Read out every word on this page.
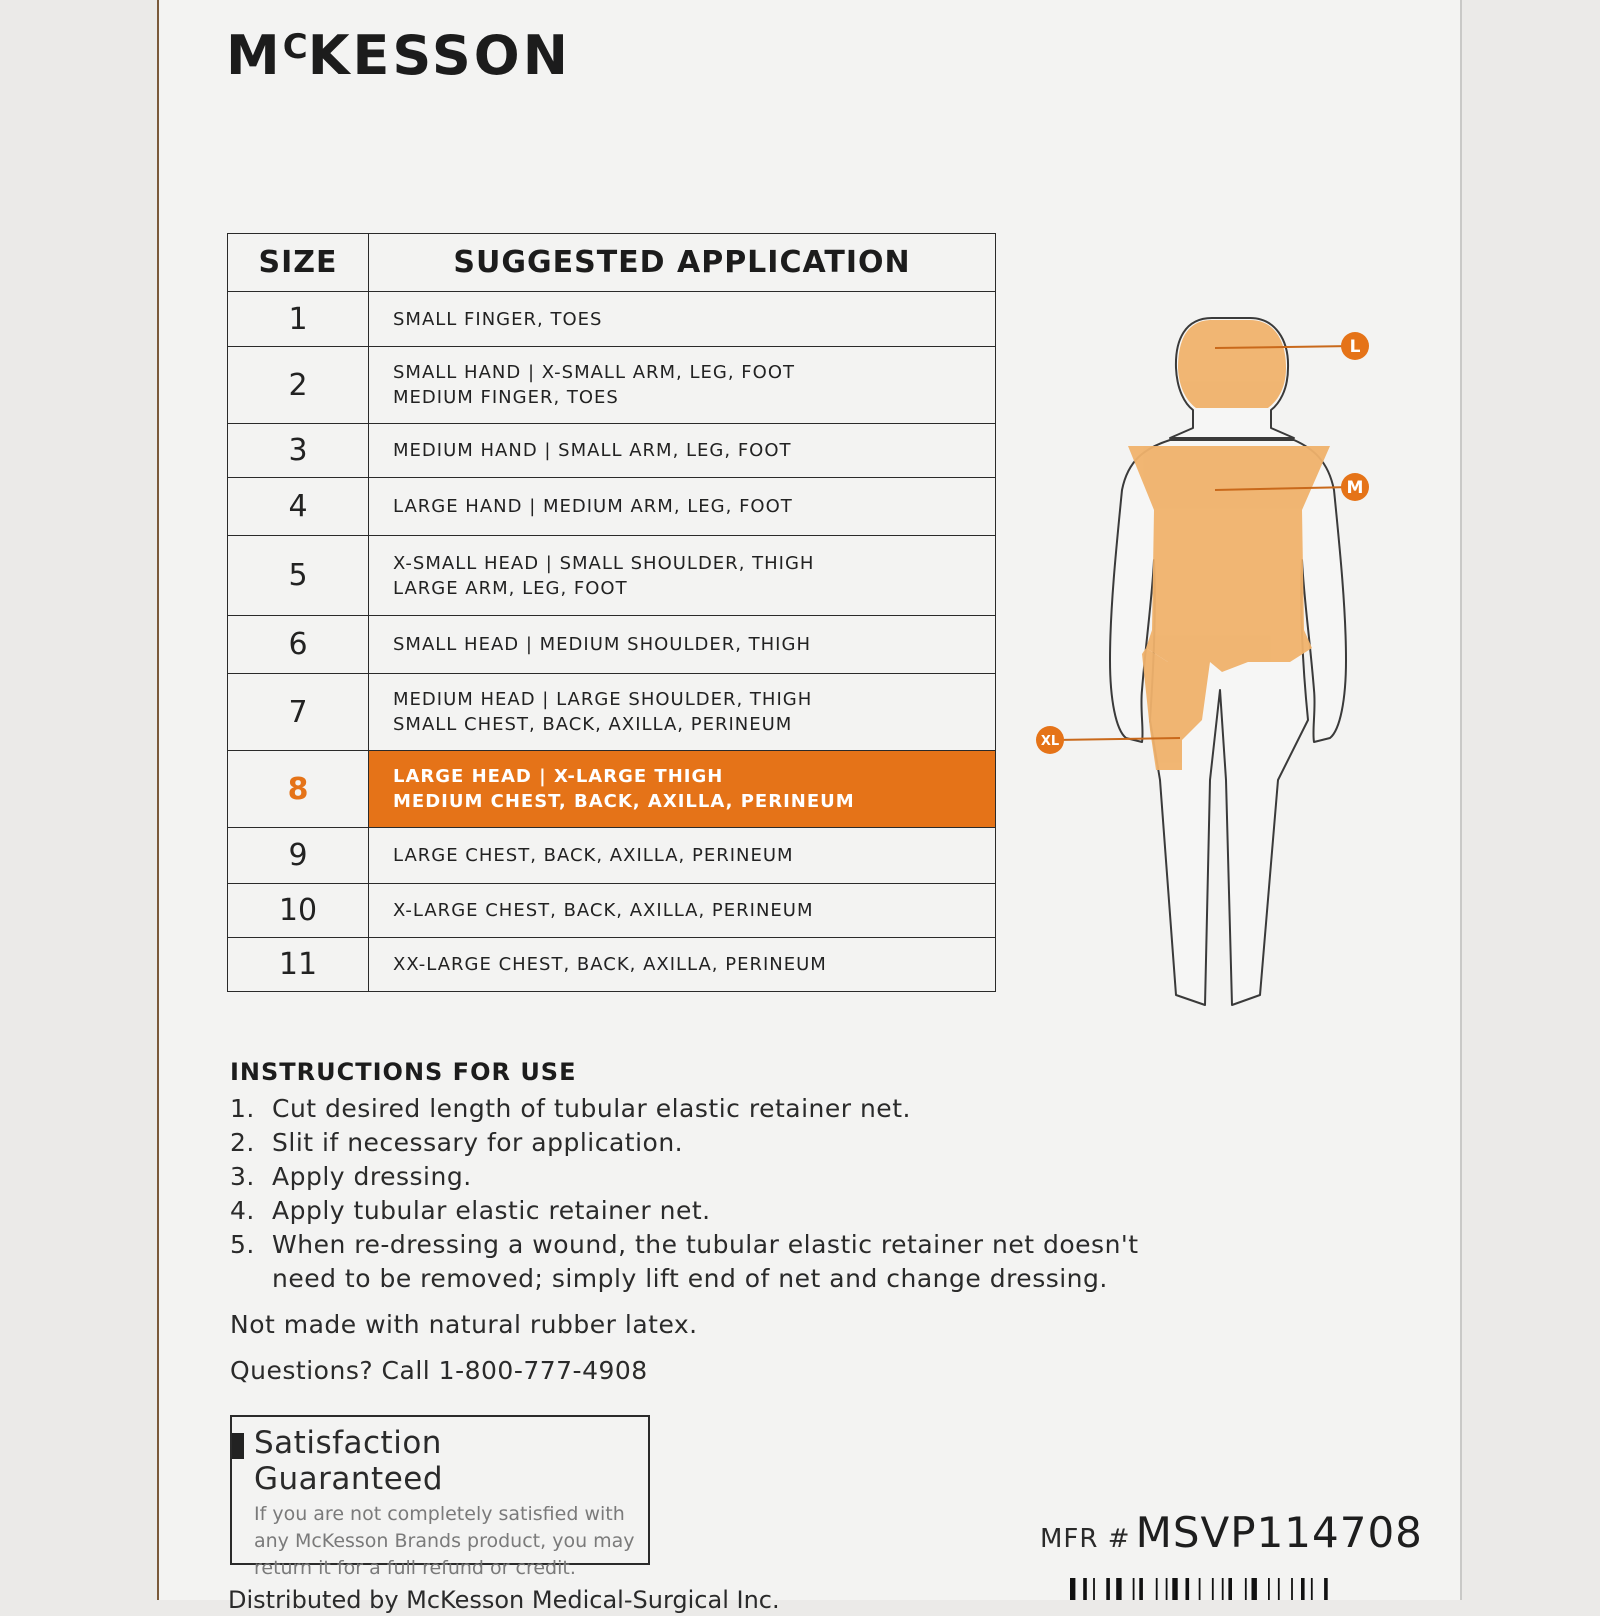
$M^CKESSON$
SIZE	SUGGESTED APPLICATION
1	SMALL FINGER, TOES

2	SMALL HAND | X-SMALL ARM, LEG, FOOT
MEDIUM FINGER, TOES

3	MEDIUM HAND | SMALL ARM, LEG, FOOT

4	LARGE HAND | MEDIUM ARM, LEG, FOOT

5	X-SMALL HEAD | SMALL SHOULDER, THIGH
LARGE ARM, LEG, FOOT

6	SMALL HEAD | MEDIUM SHOULDER, THIGH

7	MEDIUM HEAD | LARGE SHOULDER, THIGH
SMALL CHEST, BACK, AXILLA, PERINEUM

8	LARGE HEAD | X-LARGE THIGH
MEDIUM CHEST, BACK, AXILLA, PERINEUM

9	LARGE CHEST, BACK, AXILLA, PERINEUM

10	X-LARGE CHEST, BACK, AXILLA, PERINEUM

11	XX-LARGE CHEST, BACK, AXILLA, PERINEUM
L
M
XL
INSTRUCTIONS FOR USE
1. Cut desired length of tubular elastic retainer net.
2. Slit if necessary for application.
3. Apply dressing.
4. Apply tubular elastic retainer net.
5. When re-dressing a wound, the tubular elastic retainer net doesn't
need to be removed; simply lift end of net and change dressing.
Not made with natural rubber latex.
Questions? Call 1-800-777-4908
Satisfaction Guaranteed
If you are not completely satisfied with
any McKesson Brands product, you may
return it for a full refund or credit.
MFR # MSVP114708
Distributed by McKesson Medical-Surgical Inc.
